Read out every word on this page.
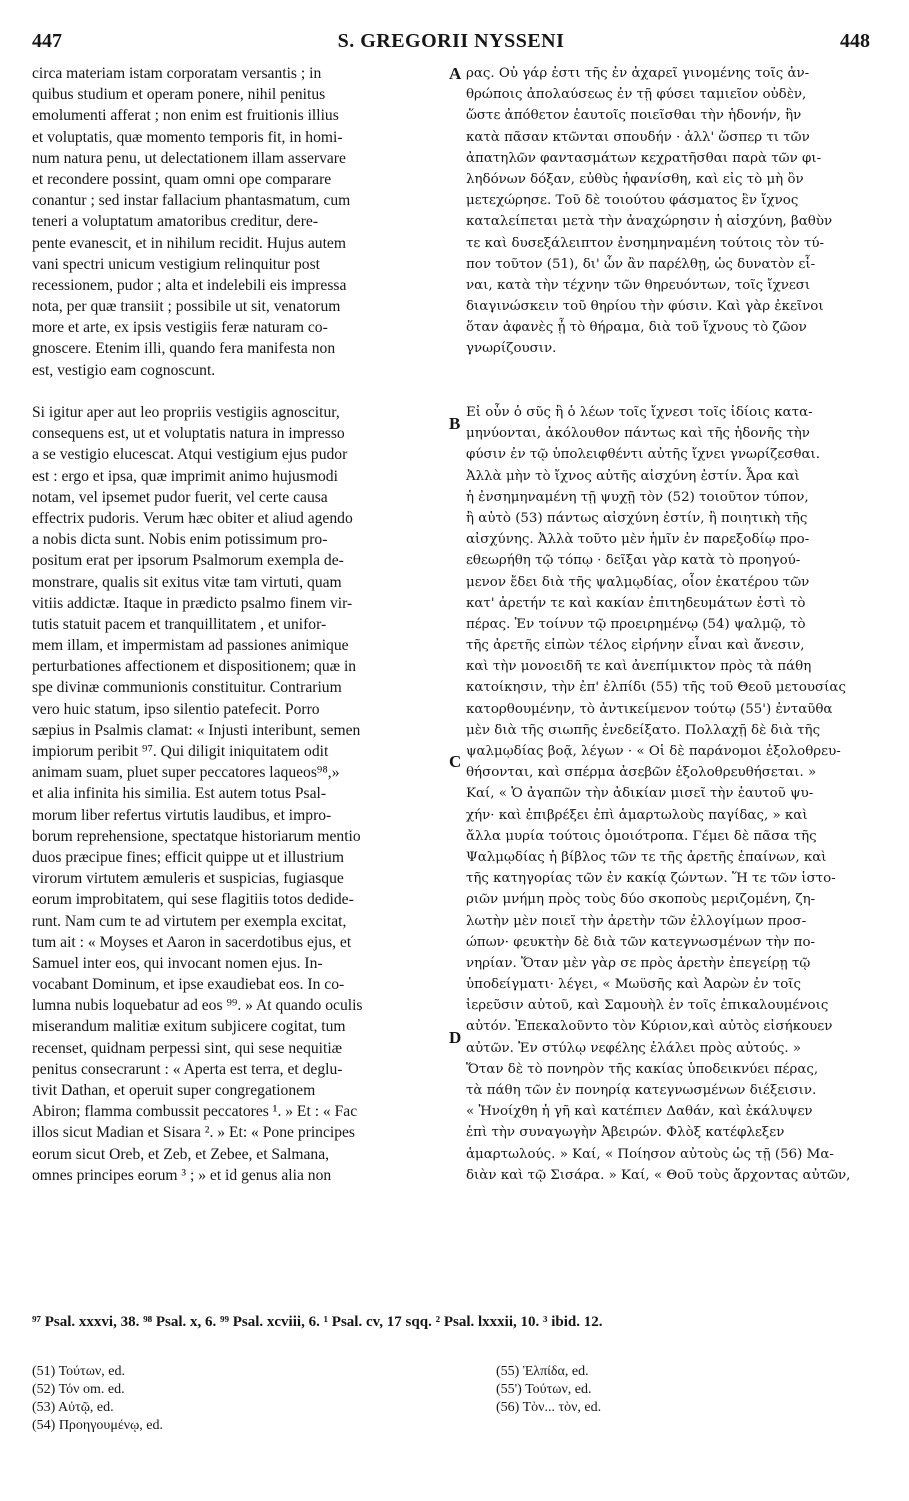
447	S. GREGORII NYSSENI	448
circa materiam istam corporatam versantis ; in
quibus studium et operam ponere, nihil penitus
emolumenti afferat ; non enim est fruitionis illius
et voluptatis, quæ momento temporis fit, in homi-
num natura penu, ut delectationem illam asservare
et recondere possint, quam omni ope comparare
conantur ; sed instar fallacium phantasmatum, cum
teneri a voluptatum amatoribus creditur, dere-
pente evanescit, et in nihilum recidit. Hujus autem
vani spectri unicum vestigium relinquitur post
recessionem, pudor ; alta et indelebili eis impressa
nota, per quæ transiit ; possibile ut sit, venatorum
more et arte, ex ipsis vestigiis feræ naturam co-
gnoscere. Etenim illi, quando fera manifesta non
est, vestigio eam cognoscunt.
Si igitur aper aut leo propriis vestigiis agnoscitur,
consequens est, ut et voluptatis natura in impresso
a se vestigio elucescat. Atqui vestigium ejus pudor
est : ergo et ipsa, quæ imprimit animo hujusmodi
notam, vel ipsemet pudor fuerit, vel certe causa
effectrix pudoris. Verum hæc obiter et aliud agendo
a nobis dicta sunt. Nobis enim potissimum pro-
positum erat per ipsorum Psalmorum exempla de-
monstrare, qualis sit exitus vitæ tam virtuti, quam
vitiis addictæ. Itaque in prædicto psalmo finem vir-
tutis statuit pacem et tranquillitatem , et unifor-
mem illam, et impermistam ad passiones animique
perturbationes affectionem et dispositionem; quæ in
spe divinæ communionis constituitur. Contrarium
vero huic statum, ipso silentio patefecit. Porro
sæpius in Psalmis clamat: « Injusti interibunt, semen
impiorum peribit ⁹⁷. Qui diligit iniquitatem odit
animam suam, pluet super peccatores laqueos⁹⁸,»
et alia infinita his similia. Est autem totus Psal-
morum liber refertus virtutis laudibus, et impro-
borum reprehensione, spectatque historiarum mentio
duos præcipue fines; efficit quippe ut et illustrium
virorum virtutem æmuleris et suspicias, fugiasque
eorum improbitatem, qui sese flagitiis totos dedide-
runt. Nam cum te ad virtutem per exempla excitat,
tum ait : « Moyses et Aaron in sacerdotibus ejus, et
Samuel inter eos, qui invocant nomen ejus. In-
vocabant Dominum, et ipse exaudiebat eos. In co-
lumna nubis loquebatur ad eos ⁹⁹. » At quando oculis
miserandum malitiæ exitum subjicere cogitat, tum
recenset, quidnam perpessi sint, qui sese nequitiæ
penitus consecrarunt : « Aperta est terra, et deglu-
tivit Dathan, et operuit super congregationem
Abiron; flamma combussit peccatores ¹. » Et : « Fac
illos sicut Madian et Sisara ². » Et: « Pone principes
eorum sicut Oreb, et Zeb, et Zebee, et Salmana,
omnes principes eorum ³ ; » et id genus alia non
ρας. Οὐ γάρ ἐστι τῆς ἐν ἀχαρεῖ γινομένης τοῖς ἀν-
θρώποις ἀπολαύσεως ἐν τῇ φύσει ταμιεῖον οὐδὲν,
ὥστε ἀπόθετον ἑαυτοῖς ποιεῖσθαι τὴν ἡδονήν, ἣν
κατὰ πᾶσαν κτῶνται σπουδήν · ἀλλ' ὥσπερ τι τῶν
ἀπατηλῶν φαντασμάτων κεχρατῆσθαι παρὰ τῶν φι-
ληδόνων δόξαν, εὐθὺς ἠφανίσθη, καὶ εἰς τὸ μὴ ὂν
μετεχώρησε. Τοῦ δὲ τοιούτου φάσματος ἓν ἴχνος
καταλείπεται μετὰ τὴν ἀναχώρησιν ἡ αἰσχύνη, βαθὺν
τε καὶ δυσεξάλειπτον ἐνσημηναμένη τούτοις τὸν τύ-
πον τοῦτον (51), δι' ὧν ἂν παρέλθῃ, ὡς δυνατὸν εἶ-
ναι, κατὰ τὴν τέχνην τῶν θηρευόντων, τοῖς ἴχνεσι
διαγινώσκειν τοῦ θηρίου τὴν φύσιν. Καὶ γὰρ ἐκεῖνοι
ὅταν ἀφανὲς ᾖ τὸ θήραμα, διὰ τοῦ ἴχνους τὸ ζῶον
γνωρίζουσιν.
Εἰ οὖν ὁ σῦς ἢ ὁ λέων τοῖς ἴχνεσι τοῖς ἰδίοις κατα-
μηνύονται, ἀκόλουθον πάντως καὶ τῆς ἡδονῆς τὴν
φύσιν ἐν τῷ ὑπολειφθέντι αὐτῆς ἴχνει γνωρίζεσθαι.
Ἀλλὰ μὴν τὸ ἴχνος αὐτῆς αἰσχύνη ἐστίν. Ἆρα καὶ
ἡ ἐνσημηναμένη τῇ ψυχῇ τὸν (52) τοιοῦτον τύπον,
ἢ αὐτὸ (53) πάντως αἰσχύνη ἐστίν, ἢ ποιητικὴ τῆς
αἰσχύνης. Ἀλλὰ τοῦτο μὲν ἡμῖν ἐν παρεξοδίῳ προ-
εθεωρήθη τῷ τόπῳ · δεῖξαι γὰρ κατὰ τὸ προηγού-
μενον ἔδει διὰ τῆς ψαλμῳδίας, οἷον ἑκατέρου τῶν
κατ' ἀρετήν τε καὶ κακίαν ἐπιτηδευμάτων ἐστὶ τὸ
πέρας. Ἐν τοίνυν τῷ προειρημένῳ (54) ψαλμῷ, τὸ
τῆς ἀρετῆς εἰπὼν τέλος εἰρήνην εἶναι καὶ ἄνεσιν,
καὶ τὴν μονοειδῆ τε καὶ ἀνεπίμικτον πρὸς τὰ πάθη
κατοίκησιν, τὴν ἐπ' ἐλπίδι (55) τῆς τοῦ Θεοῦ μετουσίας
κατορθουμένην, τὸ ἀντικείμενον τούτῳ (55') ἐνταῦθα
μὲν διὰ τῆς σιωπῆς ἐνεδείξατο. Πολλαχῇ δὲ διὰ τῆς
ψαλμῳδίας βοᾷ, λέγων · « Οἱ δὲ παράνομοι ἐξολοθρευ-
θήσονται, καὶ σπέρμα ἀσεβῶν ἐξολοθρευθήσεται. »
Καί, « Ὁ ἀγαπῶν τὴν ἀδικίαν μισεῖ τὴν ἑαυτοῦ ψυ-
χήν· καὶ ἐπιβρέξει ἐπὶ ἁμαρτωλοὺς παγίδας, » καὶ
ἄλλα μυρία τούτοις ὁμοιότροπα. Γέμει δὲ πᾶσα τῆς
Ψαλμῳδίας ἡ βίβλος τῶν τε τῆς ἀρετῆς ἐπαίνων, καὶ
τῆς κατηγορίας τῶν ἐν κακίᾳ ζώντων. Ἥ τε τῶν ἱστο-
ριῶν μνήμη πρὸς τοὺς δύο σκοποὺς μεριζομένη, ζη-
λωτὴν μὲν ποιεῖ τὴν ἀρετὴν τῶν ἐλλογίμων προσ-
ώπων· φευκτὴν δὲ διὰ τῶν κατεγνωσμένων τὴν πο-
νηρίαν. Ὅταν μὲν γὰρ σε πρὸς ἀρετὴν ἐπεγείρῃ τῷ
ὑποδείγματι· λέγει, « Μωϋσῆς καὶ Ἀαρὼν ἐν τοῖς
ἱερεῦσιν αὐτοῦ, καὶ Σαμουὴλ ἐν τοῖς ἐπικαλουμένοις
αὐτόν. Ἐπεκαλοῦντο τὸν Κύριον,καὶ αὐτὸς εἰσήκουεν
αὐτῶν. Ἐν στύλῳ νεφέλης ἐλάλει πρὸς αὐτούς. »
Ὅταν δὲ τὸ πονηρὸν τῆς κακίας ὑποδεικνύει πέρας,
τὰ πάθη τῶν ἐν πονηρίᾳ κατεγνωσμένων διέξεισιν.
« Ἠνοίχθη ἡ γῆ καὶ κατέπιεν Δαθάν, καὶ ἐκάλυψεν
ἐπὶ τὴν συναγωγὴν Ἀβειρών. Φλὸξ κατέφλεξεν
ἁμαρτωλούς. » Καί, « Ποίησον αὐτοὺς ὡς τῇ (56) Μα-
διὰν καὶ τῷ Σισάρα. » Καί, « Θοῦ τοὺς ἄρχοντας αὐτῶν,
A
B
C
D
⁹⁷ Psal. xxxvi, 38. ⁹⁸ Psal. x, 6. ⁹⁹ Psal. xcviii, 6. ¹ Psal. cv, 17 sqq. ² Psal. lxxxii, 10. ³ ibid. 12.
(51) Τούτων, ed.
(52) Τόν om. ed.
(53) Αὐτῷ, ed.
(54) Προηγουμένῳ, ed.
(55) Ἐλπίδα, ed.
(55') Τούτων, ed.
(56) Τὸν... τὸν, ed.
